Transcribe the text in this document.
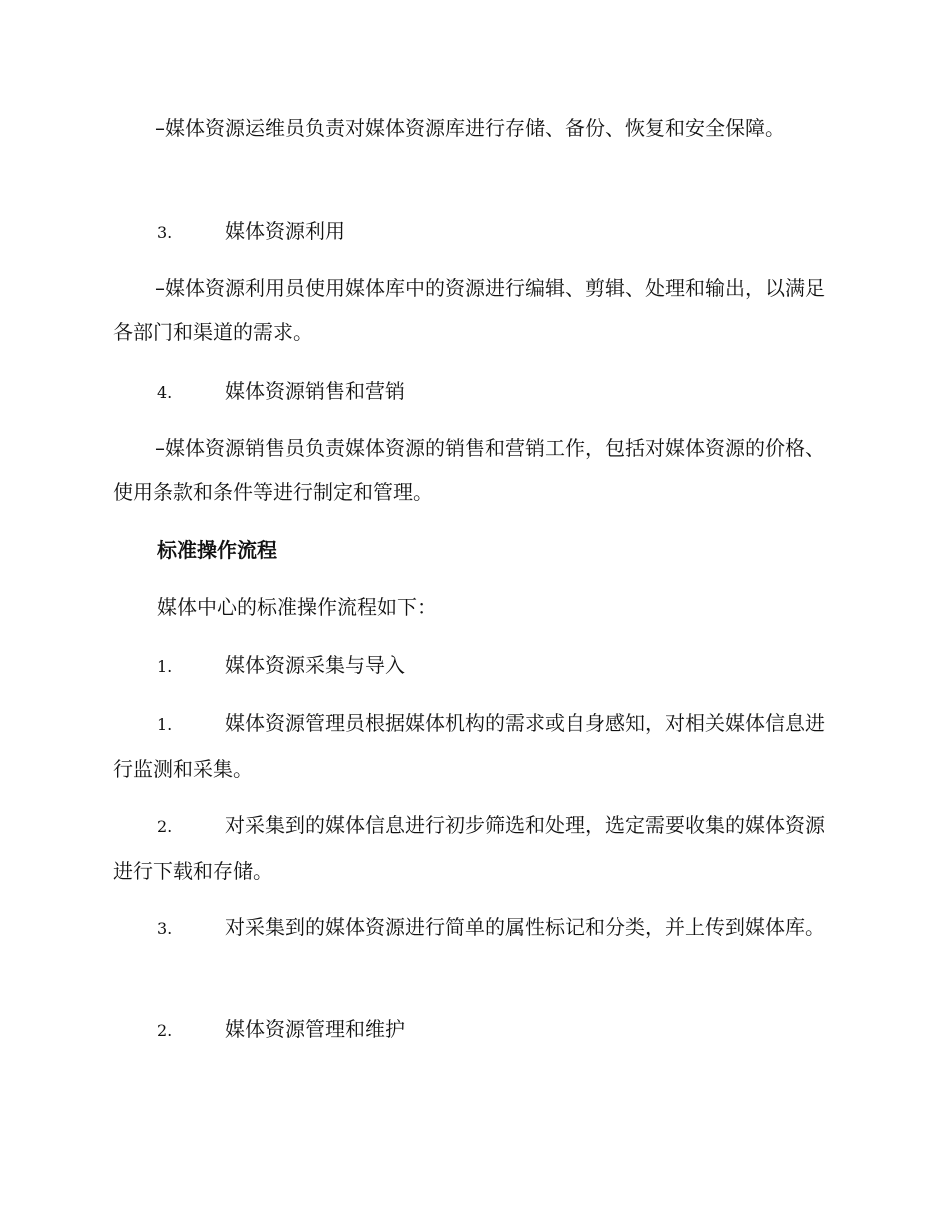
–媒体资源运维员负责对媒体资源库进行存储、备份、恢复和安全保障。

3.	媒体资源利用

–媒体资源利用员使用媒体库中的资源进行编辑、剪辑、处理和输出，以满足各部门和渠道的需求。

4.	媒体资源销售和营销

–媒体资源销售员负责媒体资源的销售和营销工作，包括对媒体资源的价格、使用条款和条件等进行制定和管理。

标准操作流程
媒体中心的标准操作流程如下：
1.	媒体资源采集与导入

1.	媒体资源管理员根据媒体机构的需求或自身感知，对相关媒体信息进行监测和采集。

2.	对采集到的媒体信息进行初步筛选和处理，选定需要收集的媒体资源进行下载和存储。

3.	对采集到的媒体资源进行简单的属性标记和分类，并上传到媒体库。

2.	媒体资源管理和维护
